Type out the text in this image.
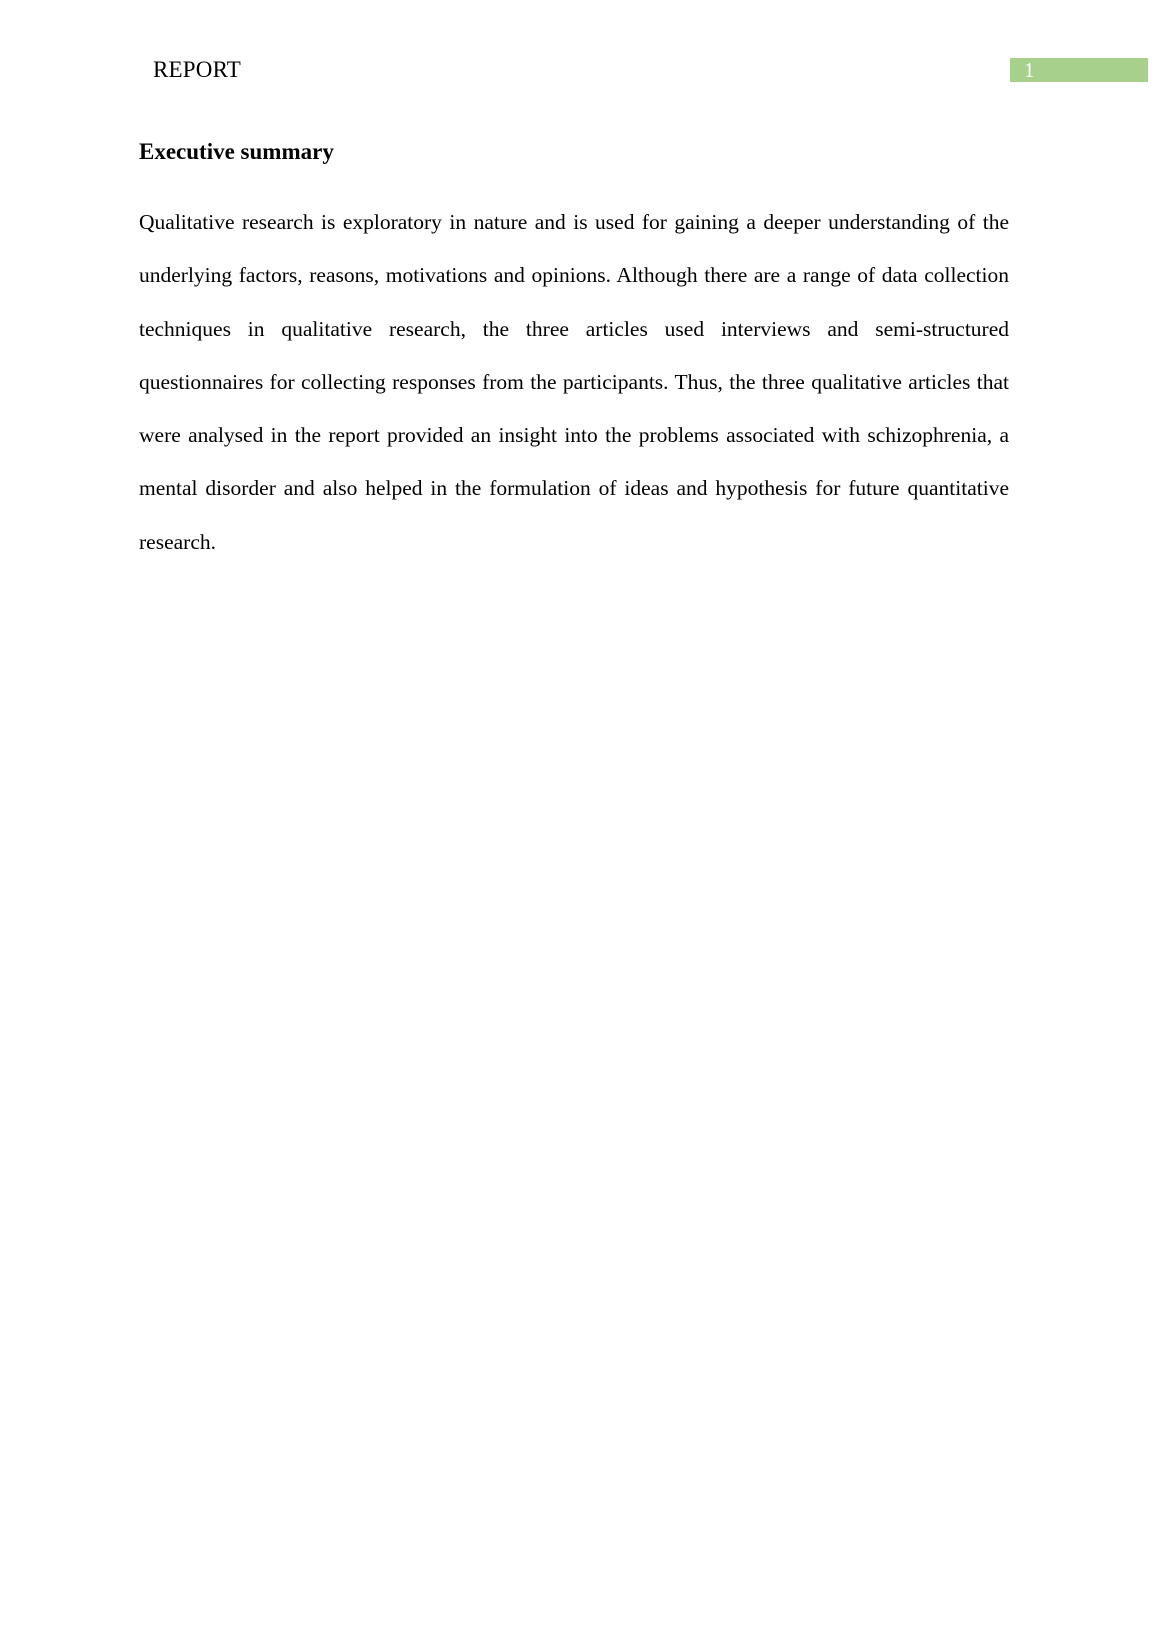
REPORT	1
Executive summary

Qualitative research is exploratory in nature and is used for gaining a deeper understanding of the underlying factors, reasons, motivations and opinions. Although there are a range of data collection techniques in qualitative research, the three articles used interviews and semi-structured questionnaires for collecting responses from the participants. Thus, the three qualitative articles that were analysed in the report provided an insight into the problems associated with schizophrenia, a mental disorder and also helped in the formulation of ideas and hypothesis for future quantitative research.
